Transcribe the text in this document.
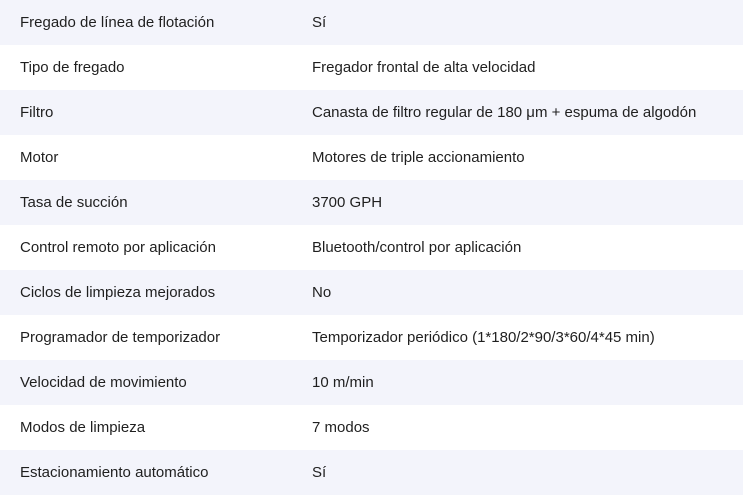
Fregado de línea de flotación	Sí
Tipo de fregado	Fregador frontal de alta velocidad
Filtro	Canasta de filtro regular de 180 μm + espuma de algodón
Motor	Motores de triple accionamiento
Tasa de succión	3700 GPH
Control remoto por aplicación	Bluetooth/control por aplicación
Ciclos de limpieza mejorados	No
Programador de temporizador	Temporizador periódico (1*180/2*90/3*60/4*45 min)
Velocidad de movimiento	10 m/min
Modos de limpieza	7 modos
Estacionamiento automático	Sí
